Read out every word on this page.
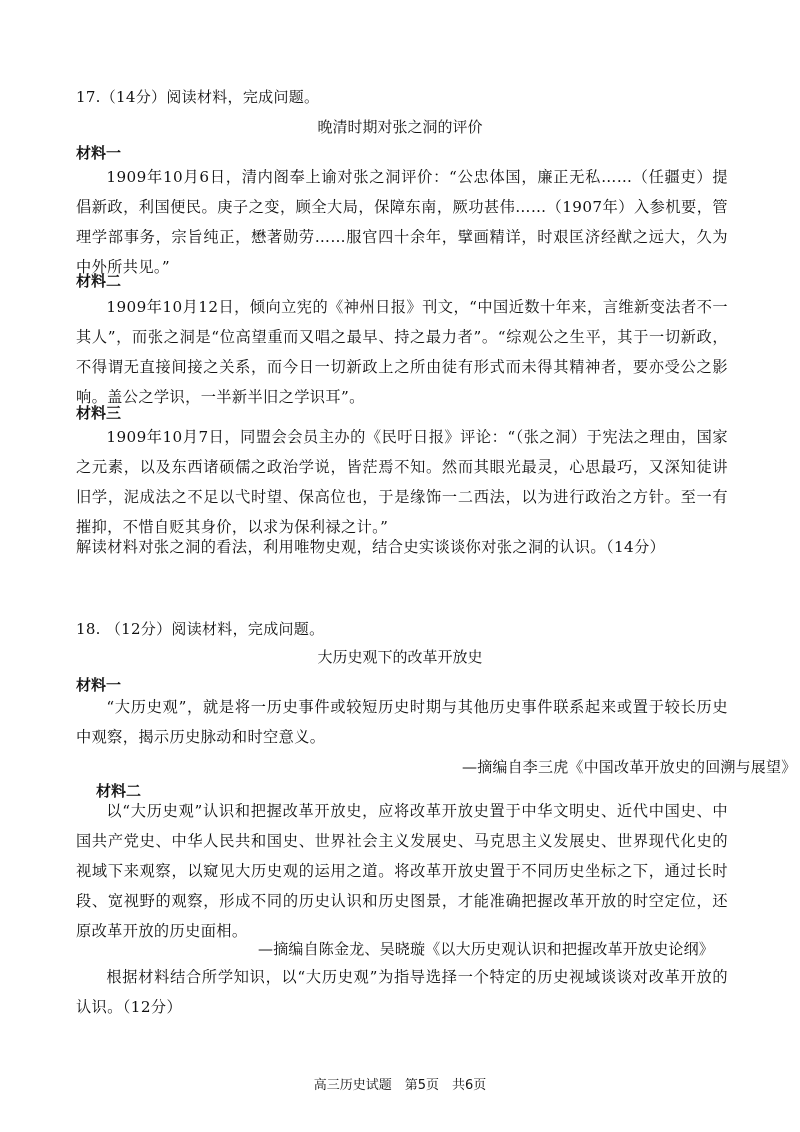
17.（14分）阅读材料，完成问题。
晚清时期对张之洞的评价
材料一

1909年10月6日，清内阁奉上谕对张之洞评价：“公忠体国，廉正无私……（任疆吏）提倡新政，利国便民。庚子之变，顾全大局，保障东南，厥功甚伟……（1907年）入参机要，管理学部事务，宗旨纯正，懋著勋劳……服官四十余年，擘画精详，时艰匡济经猷之远大，久为中外所共见。”

材料二

1909年10月12日，倾向立宪的《神州日报》刊文，“中国近数十年来，言维新变法者不一其人”，而张之洞是“位高望重而又唱之最早、持之最力者”。“综观公之生平，其于一切新政，不得谓无直接间接之关系，而今日一切新政上之所由徒有形式而未得其精神者，要亦受公之影响。盖公之学识，一半新半旧之学识耳”。

材料三

1909年10月7日，同盟会会员主办的《民吁日报》评论：“（张之洞）于宪法之理由，国家之元素，以及东西诸硕儒之政治学说，皆茫焉不知。然而其眼光最灵，心思最巧，又深知徒讲旧学，泥成法之不足以弋时望、保高位也，于是缘饰一二西法，以为进行政治之方针。至一有摧抑，不惜自贬其身价，以求为保利禄之计。”

解读材料对张之洞的看法，利用唯物史观，结合史实谈谈你对张之洞的认识。（14分）

18. （12分）阅读材料，完成问题。
大历史观下的改革开放史
材料一

“大历史观”，就是将一历史事件或较短历史时期与其他历史事件联系起来或置于较长历史中观察，揭示历史脉动和时空意义。

—摘编自李三虎《中国改革开放史的回溯与展望》
材料二

以“大历史观”认识和把握改革开放史，应将改革开放史置于中华文明史、近代中国史、中国共产党史、中华人民共和国史、世界社会主义发展史、马克思主义发展史、世界现代化史的视域下来观察，以窥见大历史观的运用之道。将改革开放史置于不同历史坐标之下，通过长时段、宽视野的观察，形成不同的历史认识和历史图景，才能准确把握改革开放的时空定位，还原改革开放的历史面相。

—摘编自陈金龙、吴晓璇《以大历史观认识和把握改革开放史论纲》

根据材料结合所学知识，以“大历史观”为指导选择一个特定的历史视域谈谈对改革开放的认识。（12分）

高三历史试题　第5页　共6页
